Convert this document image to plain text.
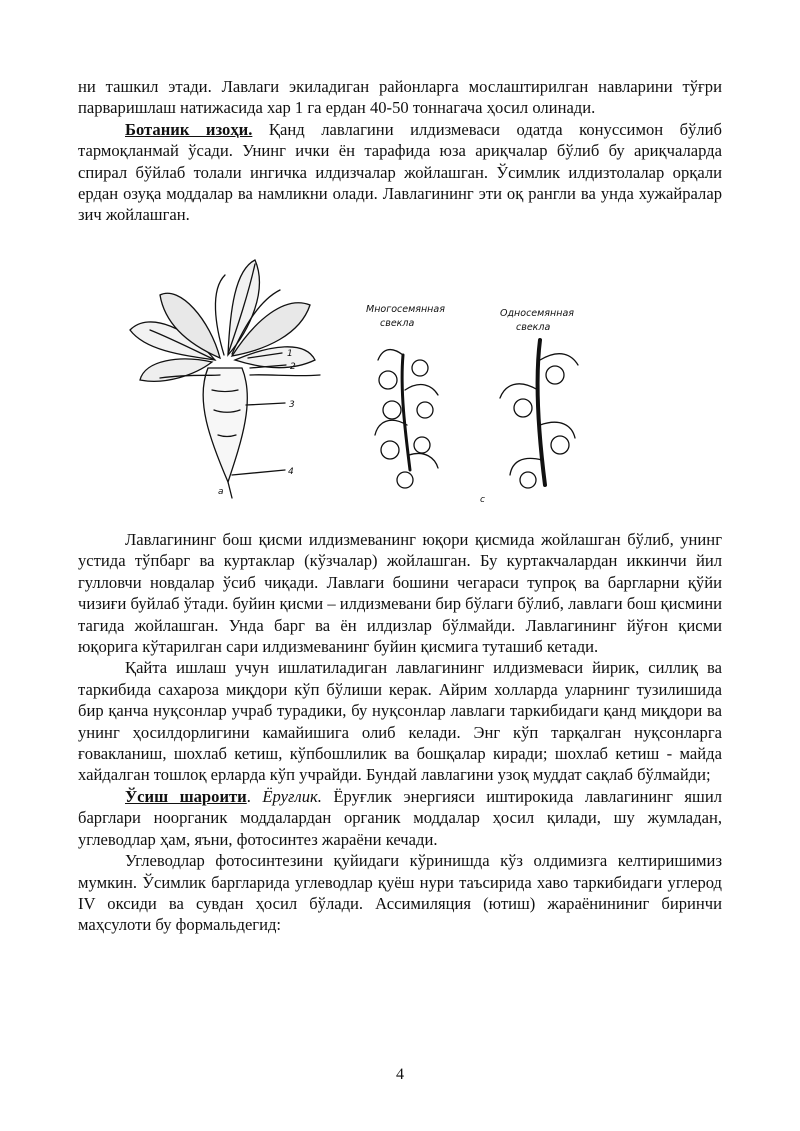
ни ташкил этади. Лавлаги экиладиган районларга мослаштирилган навларини тўғри парваришлаш натижасида хар 1 га ердан 40-50 тоннагача ҳосил олинади.

Ботаник изоҳи. Қанд лавлагини илдизмеваси одатда конуссимон бўлиб тармоқланмай ўсади. Унинг ички ён тарафида юза ариқчалар бўлиб бу ариқчаларда спирал бўйлаб толали ингичка илдизчалар жойлашган. Ўсимлик илдизтолалар орқали ердан озуқа моддалар ва намликни олади. Лавлагининг эти оқ рангли ва унда хужайралар зич жойлашган.

1
2
3
4
а
с
Многосемянная
свекла
Односемянная
свекла

Лавлагининг бош қисми илдизмеванинг юқори қисмида жойлашган бўлиб, унинг устида тўпбарг ва куртаклар (кўзчалар) жойлашган. Бу куртакчалардан иккинчи йил гулловчи новдалар ўсиб чиқади. Лавлаги бошини чегараси тупроқ ва баргларни қўйи чизиғи буйлаб ўтади. буйин қисми – илдизмевани бир бўлаги бўлиб, лавлаги бош қисмини тагида жойлашган. Унда барг ва ён илдизлар бўлмайди. Лавлагининг йўғон қисми юқорига кўтарилган сари илдизмеванинг буйин қисмига туташиб кетади.

Қайта ишлаш учун ишлатиладиган лавлагининг илдизмеваси йирик, силлиқ ва таркибида сахароза миқдори кўп бўлиши керак. Айрим холларда уларнинг тузилишида бир қанча нуқсонлар учраб турадики, бу нуқсонлар лавлаги таркибидаги қанд миқдори ва унинг ҳосилдорлигини камайишига олиб келади. Энг кўп тарқалган нуқсонларга ғовакланиш, шохлаб кетиш, кўпбошлилик ва бошқалар киради; шохлаб кетиш - майда хайдалган тошлоқ ерларда кўп учрайди. Бундай лавлагини узоқ муддат сақлаб бўлмайди;

Ўсиш шароити. Ёруғлик. Ёруғлик энергияси иштирокида лавлагининг яшил барглари ноорганик моддалардан органик моддалар ҳосил қилади, шу жумладан, углеводлар ҳам, яъни, фотосинтез жараёни кечади.

Углеводлар фотосинтезини қуйидаги кўринишда кўз олдимизга келтиришимиз мумкин. Ўсимлик баргларида углеводлар қуёш нури таъсирида хаво таркибидаги углерод IV оксиди ва сувдан ҳосил бўлади. Ассимиляция (ютиш) жараёнининиг биринчи маҳсулоти бу формальдегид:

4
